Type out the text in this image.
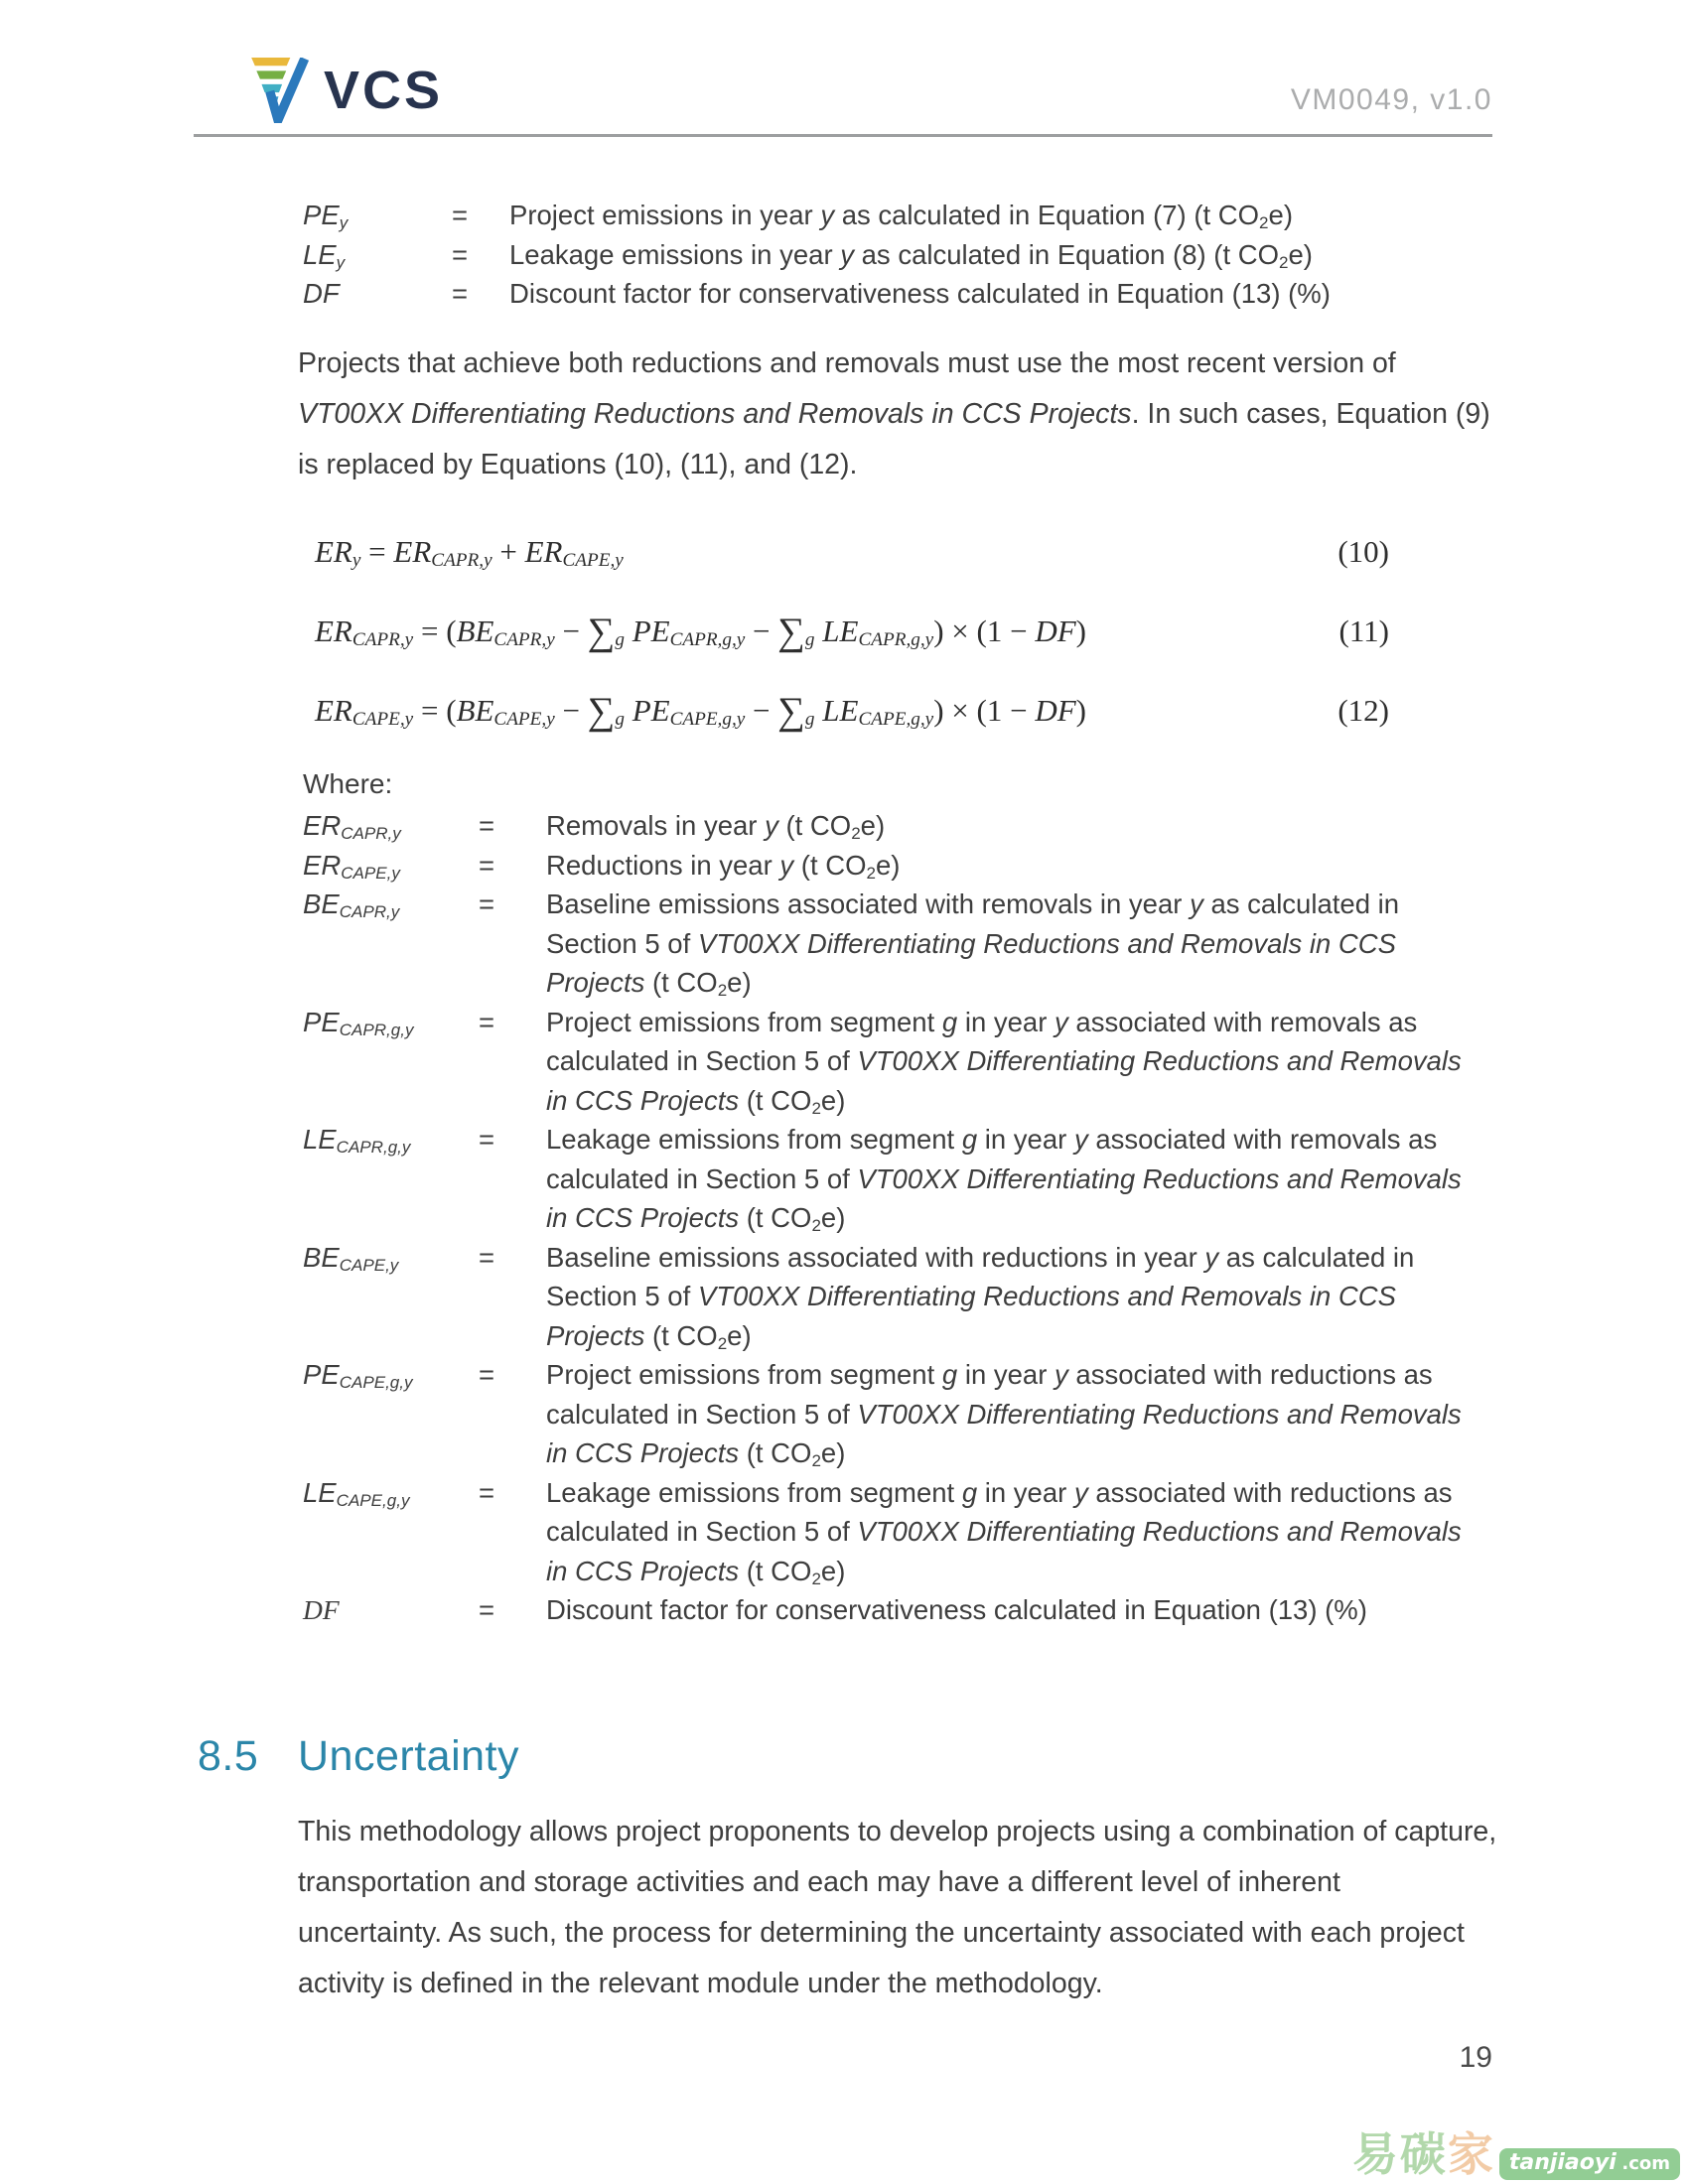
VCS	VM0049, v1.0
$PE_y$	=	Project emissions in year y as calculated in Equation (7) (t $CO_2e$)
$LE_y$	=	Leakage emissions in year y as calculated in Equation (8) (t $CO_2e$)
DF	=	Discount factor for conservativeness calculated in Equation (13) (%)
Projects that achieve both reductions and removals must use the most recent version of
VT00XX Differentiating Reductions and Removals in CCS Projects. In such cases, Equation (9)
is replaced by Equations (10), (11), and (12).
$ER_y = ER_{CAPR,y} + ER_{CAPE,y}$	(10)
$ER_{CAPR,y} = (BE_{CAPR,y} - \sum_g$ $PE_{CAPR,g,y} - \sum_g$ $LE_{CAPR,g,y}) \times (1 - DF)$	(11)
$ER_{CAPE,y} = (BE_{CAPE,y} - \sum_g$ $PE_{CAPE,g,y} - \sum_g$ $LE_{CAPE,g,y}) \times (1 - DF)$	(12)
Where:
$ER_{CAPR,y}$	=	Removals in year y (t $CO_2e$)
$ER_{CAPE,y}$	=	Reductions in year y (t $CO_2e$)
$BE_{CAPR,y}$	=	Baseline emissions associated with removals in year y as calculated in
Section 5 of VT00XX Differentiating Reductions and Removals in CCS
Projects (t $CO_2e$)
$PE_{CAPR,g,y}$	=	Project emissions from segment g in year y associated with removals as
calculated in Section 5 of VT00XX Differentiating Reductions and Removals
in CCS Projects (t $CO_2e$)
$LE_{CAPR,g,y}$	=	Leakage emissions from segment g in year y associated with removals as
calculated in Section 5 of VT00XX Differentiating Reductions and Removals
in CCS Projects (t $CO_2e$)
$BE_{CAPE,y}$	=	Baseline emissions associated with reductions in year y as calculated in
Section 5 of VT00XX Differentiating Reductions and Removals in CCS
Projects (t $CO_2e$)
$PE_{CAPE,g,y}$	=	Project emissions from segment g in year y associated with reductions as
calculated in Section 5 of VT00XX Differentiating Reductions and Removals
in CCS Projects (t $CO_2e$)
$LE_{CAPE,g,y}$	=	Leakage emissions from segment g in year y associated with reductions as
calculated in Section 5 of VT00XX Differentiating Reductions and Removals
in CCS Projects (t $CO_2e$)
DF	=	Discount factor for conservativeness calculated in Equation (13) (%)
8.5 Uncertainty
This methodology allows project proponents to develop projects using a combination of capture,
transportation and storage activities and each may have a different level of inherent
uncertainty. As such, the process for determining the uncertainty associated with each project
activity is defined in the relevant module under the methodology.
19
易 碳 家 tanjiaoyi .com
